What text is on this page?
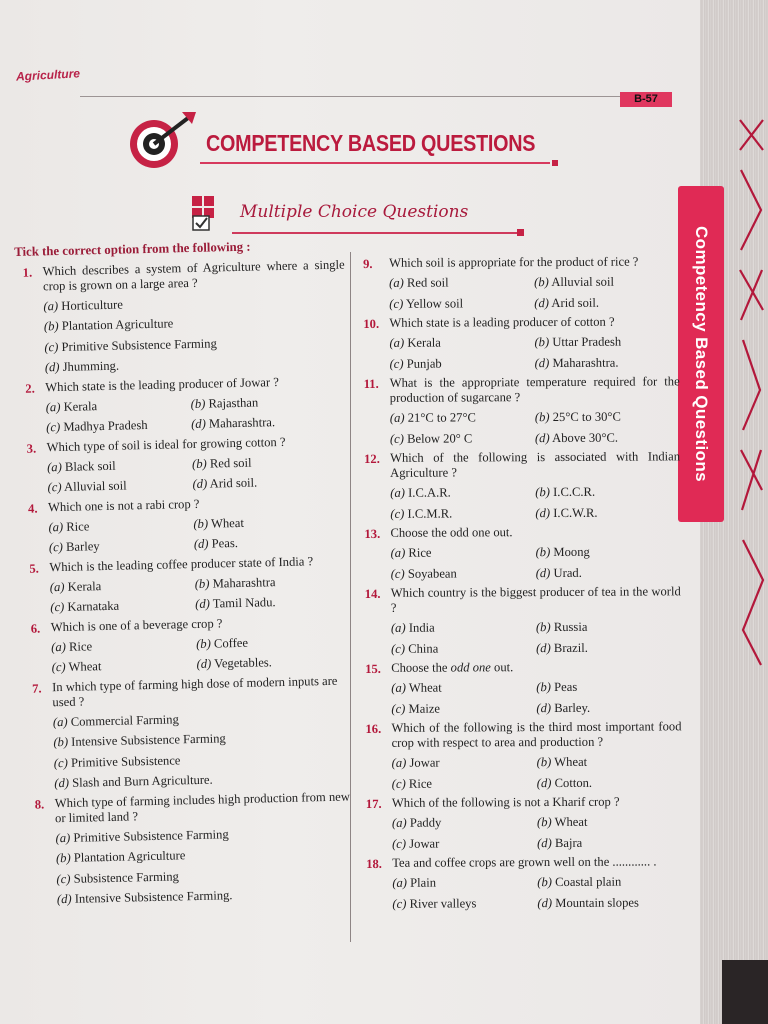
Competency Based Questions
Agriculture
B-57
COMPETENCY BASED QUESTIONS
Multiple Choice Questions
Tick the correct option from the following :
1. Which describes a system of Agriculture where a single crop is grown on a large area ?
(a) Horticulture
(b) Plantation Agriculture
(c) Primitive Subsistence Farming
(d) Jhumming.
2. Which state is the leading producer of Jowar ?
(a) Kerala	(b) Rajasthan
(c) Madhya Pradesh	(d) Maharashtra.
3. Which type of soil is ideal for growing cotton ?
(a) Black soil	(b) Red soil
(c) Alluvial soil	(d) Arid soil.
4. Which one is not a rabi crop ?
(a) Rice	(b) Wheat
(c) Barley	(d) Peas.
5. Which is the leading coffee producer state of India ?
(a) Kerala	(b) Maharashtra
(c) Karnataka	(d) Tamil Nadu.
6. Which is one of a beverage crop ?
(a) Rice	(b) Coffee
(c) Wheat	(d) Vegetables.
7. In which type of farming high dose of modern inputs are used ?
(a) Commercial Farming
(b) Intensive Subsistence Farming
(c) Primitive Subsistence
(d) Slash and Burn Agriculture.
8. Which type of farming includes high production from new or limited land ?
(a) Primitive Subsistence Farming
(b) Plantation Agriculture
(c) Subsistence Farming
(d) Intensive Subsistence Farming.
9. Which soil is appropriate for the product of rice ?
(a) Red soil	(b) Alluvial soil
(c) Yellow soil	(d) Arid soil.
10. Which state is a leading producer of cotton ?
(a) Kerala	(b) Uttar Pradesh
(c) Punjab	(d) Maharashtra.
11. What is the appropriate temperature required for the production of sugarcane ?
(a) 21°C to 27°C	(b) 25°C to 30°C
(c) Below 20° C	(d) Above 30°C.
12. Which of the following is associated with Indian Agriculture ?
(a) I.C.A.R.	(b) I.C.C.R.
(c) I.C.M.R.	(d) I.C.W.R.
13. Choose the odd one out.
(a) Rice	(b) Moong
(c) Soyabean	(d) Urad.
14. Which country is the biggest producer of tea in the world ?
(a) India	(b) Russia
(c) China	(d) Brazil.
15. Choose the odd one out.
(a) Wheat	(b) Peas
(c) Maize	(d) Barley.
16. Which of the following is the third most important food crop with respect to area and production ?
(a) Jowar	(b) Wheat
(c) Rice	(d) Cotton.
17. Which of the following is not a Kharif crop ?
(a) Paddy	(b) Wheat
(c) Jowar	(d) Bajra
18. Tea and coffee crops are grown well on the ............ .
(a) Plain	(b) Coastal plain
(c) River valleys	(d) Mountain slopes
